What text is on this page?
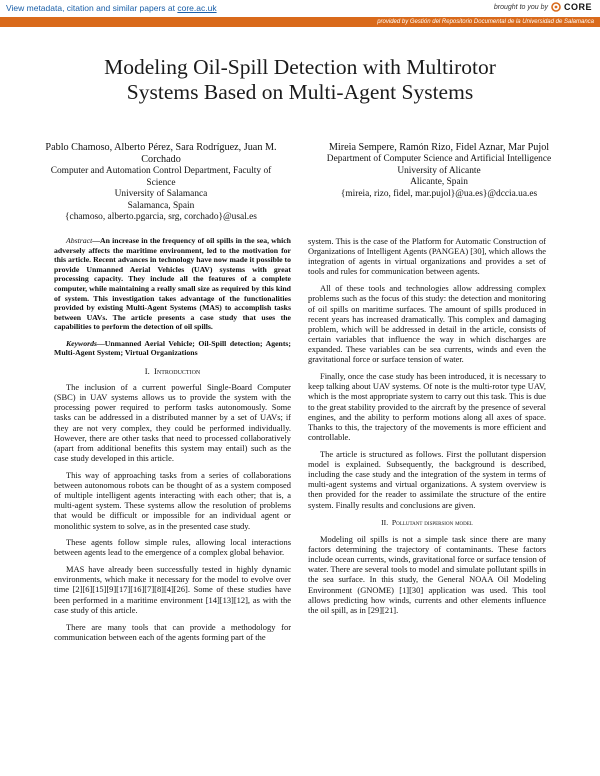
View metadata, citation and similar papers at core.ac.uk	brought to you by CORE
provided by Gestión del Repositorio Documental de la Universidad de Salamanca
Modeling Oil-Spill Detection with Multirotor
Systems Based on Multi-Agent Systems
Pablo Chamoso, Alberto Pérez, Sara Rodríguez, Juan M. Corchado
Computer and Automation Control Department, Faculty of Science
University of Salamanca
Salamanca, Spain
{chamoso, alberto.pgarcia, srg, corchado}@usal.es
Mireia Sempere, Ramón Rizo, Fidel Aznar, Mar Pujol
Department of Computer Science and Artificial Intelligence
University of Alicante
Alicante, Spain
{mireia, rizo, fidel, mar.pujol}@ua.es}@dccia.ua.es

Abstract—An increase in the frequency of oil spills in the sea, which adversely affects the maritime environment, led to the motivation for this article. Recent advances in technology have now made it possible to provide Unmanned Aerial Vehicles (UAV) systems with great processing capacity. They include all the features of a complete computer, while maintaining a really small size as required by this kind of system. This investigation takes advantage of the functionalities provided by existing Multi-Agent Systems (MAS) to accomplish tasks between UAVs. The article presents a case study that uses the capabilities to perform the detection of oil spills.

Keywords—Unmanned Aerial Vehicle; Oil-Spill detection; Agents; Multi-Agent System; Virtual Organizations

I. Introduction

The inclusion of a current powerful Single-Board Computer (SBC) in UAV systems allows us to provide the system with the processing power required to perform tasks autonomously. Some tasks can be addressed in a distributed manner by a set of UAVs; if they are not very complex, they could be performed individually. However, there are other tasks that need to processed collaboratively (apart from additional benefits this system may entail) such as the case study developed in this article.

This way of approaching tasks from a series of collaborations between autonomous robots can be thought of as a system composed of multiple intelligent agents interacting with each other; that is, a multi-agent system. These systems allow the resolution of problems that would be difficult or impossible for an individual agent or monolithic system to solve, as in the presented case study.

These agents follow simple rules, allowing local interactions between agents lead to the emergence of a complex global behavior.

MAS have already been successfully tested in highly dynamic environments, which make it necessary for the model to evolve over time [2][6][15][9][17][16][7][8][4][26]. Some of these studies have been performed in a maritime environment [14][13][12], as with the case study of this article.

There are many tools that can provide a methodology for communication between each of the agents forming part of the

system. This is the case of the Platform for Automatic Construction of Organizations of Intelligent Agents (PANGEA) [30], which allows the integration of agents in virtual organizations and provides a set of tools and rules for communication between agents.

All of these tools and technologies allow addressing complex problems such as the focus of this study: the detection and monitoring of oil spills on maritime surfaces. The amount of spills produced in recent years has increased dramatically. This complex and damaging problem, which will be addressed in detail in the article, consists of certain variables that influence the way in which discharges are expanded. These variables can be sea currents, winds and even the gravitational force or surface tension of water.

Finally, once the case study has been introduced, it is necessary to keep talking about UAV systems. Of note is the multi-rotor type UAV, which is the most appropriate system to carry out this task. This is due to the great stability provided to the aircraft by the presence of several engines, and the ability to perform motions along all axes of space. Thanks to this, the trajectory of the movements is more efficient and controllable.

The article is structured as follows. First the pollutant dispersion model is explained. Subsequently, the background is described, including the case study and the integration of the system in terms of multi-agent systems and virtual organizations. A system overview is then provided for the reader to assimilate the structure of the entire system. Finally results and conclusions are given.

II. Pollutant dispersion model

Modeling oil spills is not a simple task since there are many factors determining the trajectory of contaminants. These factors include ocean currents, winds, gravitational force or surface tension of water. There are several tools to model and simulate pollutant spills in the sea surface. In this study, the General NOAA Oil Modeling Environment (GNOME) [1][30] application was used. This tool allows predicting how winds, currents and other elements influence the oil spill, as in [29][21].
